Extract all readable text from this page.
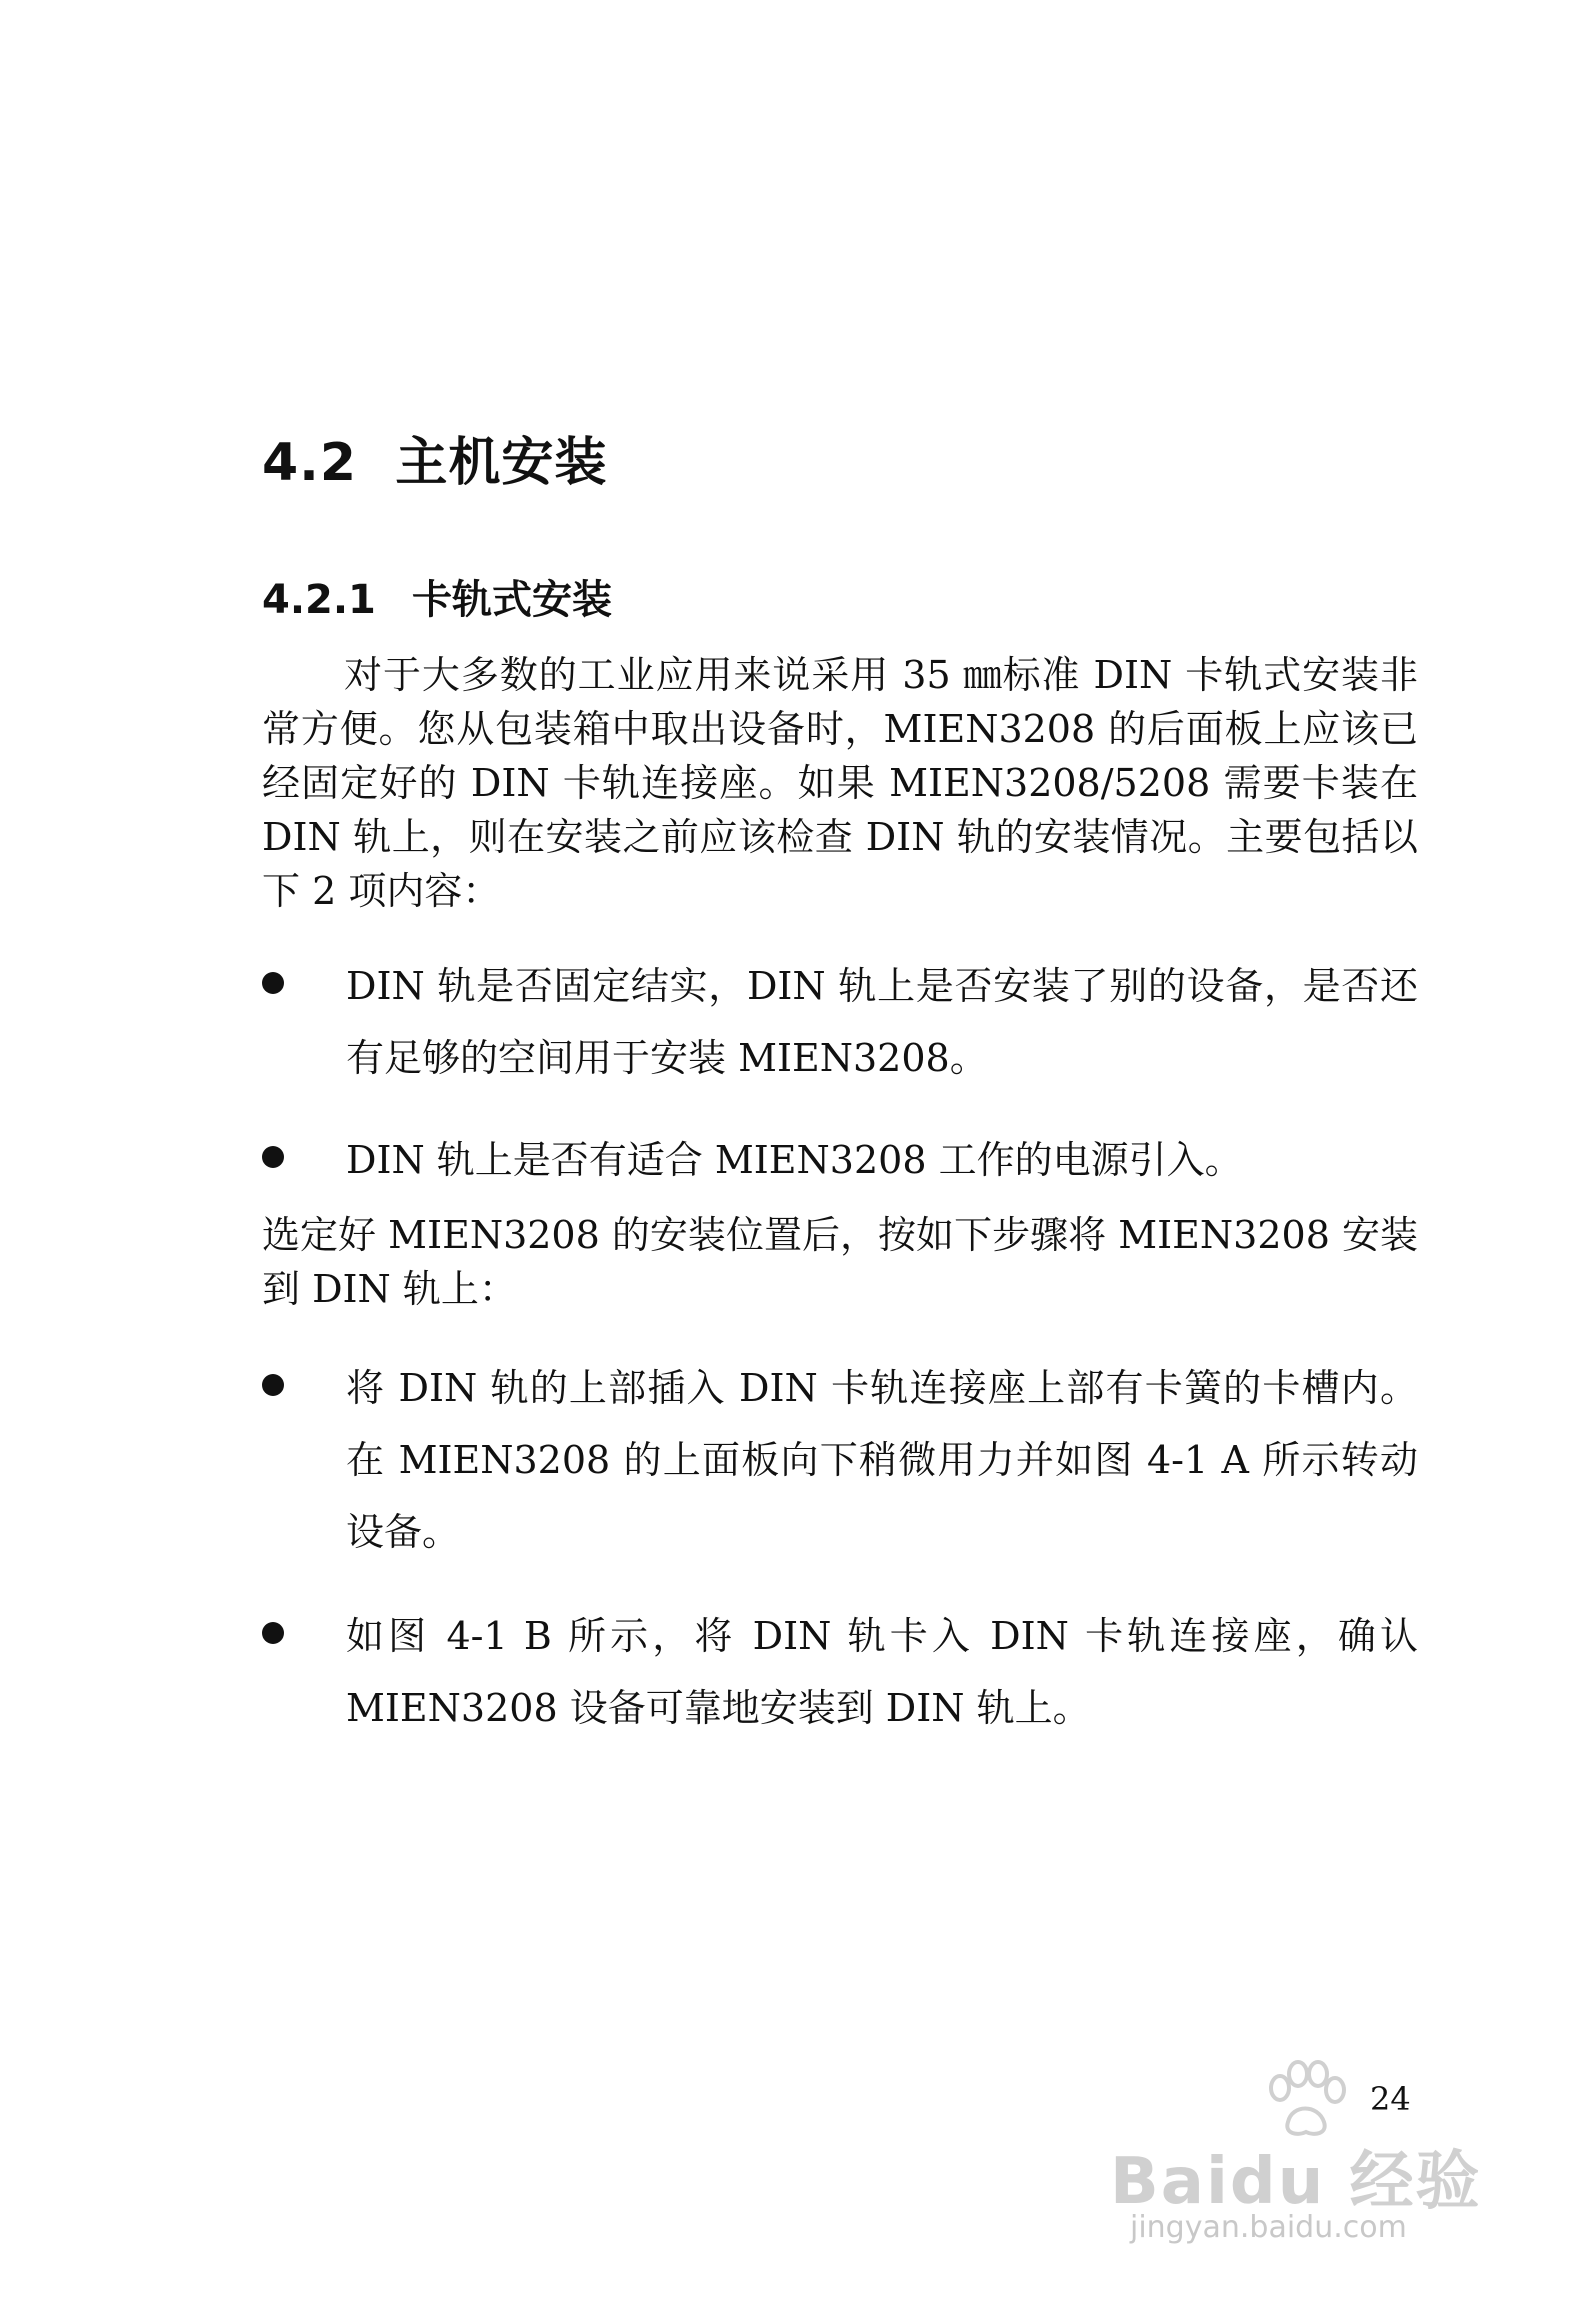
4.2 主机安装
4.2.1 卡轨式安装
对于大多数的工业应用来说采用 35 ㎜标准 DIN 卡轨式安装非常方便。您从包装箱中取出设备时，MIEN3208 的后面板上应该已经固定好的 DIN 卡轨连接座。如果 MIEN3208/5208 需要卡装在 DIN 轨上，则在安装之前应该检查 DIN 轨的安装情况。主要包括以下 2 项内容：
DIN 轨是否固定结实，DIN 轨上是否安装了别的设备，是否还有足够的空间用于安装 MIEN3208。
DIN 轨上是否有适合 MIEN3208 工作的电源引入。
选定好 MIEN3208 的安装位置后，按如下步骤将 MIEN3208 安装到 DIN 轨上：
将 DIN 轨的上部插入 DIN 卡轨连接座上部有卡簧的卡槽内。在 MIEN3208 的上面板向下稍微用力并如图 4-1 A 所示转动设备。
如图 4-1 B 所示，将 DIN 轨卡入 DIN 卡轨连接座，确认 MIEN3208 设备可靠地安装到 DIN 轨上。
24
Baidu 经验
jingyan.baidu.com
